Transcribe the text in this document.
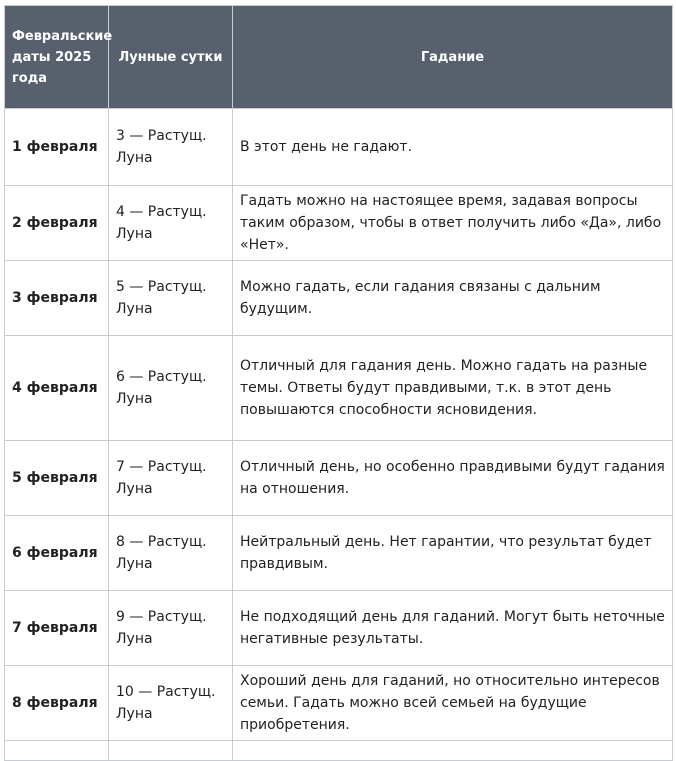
Февральские даты 2025 года	Лунные сутки	Гадание
1 февраля	3 — Растущ. Луна	В этот день не гадают.
2 февраля	4 — Растущ. Луна	Гадать можно на настоящее время, задавая вопросы таким образом, чтобы в ответ получить либо «Да», либо «Нет».
3 февраля	5 — Растущ. Луна	Можно гадать, если гадания связаны с дальним будущим.
4 февраля	6 — Растущ. Луна	Отличный для гадания день. Можно гадать на разные темы. Ответы будут правдивыми, т.к. в этот день повышаются способности ясновидения.
5 февраля	7 — Растущ. Луна	Отличный день, но особенно правдивыми будут гадания на отношения.
6 февраля	8 — Растущ. Луна	Нейтральный день. Нет гарантии, что результат будет правдивым.
7 февраля	9 — Растущ. Луна	Не подходящий день для гаданий. Могут быть неточные негативные результаты.
8 февраля	10 — Растущ. Луна	Хороший день для гаданий, но относительно интересов семьи. Гадать можно всей семьей на будущие приобретения.
